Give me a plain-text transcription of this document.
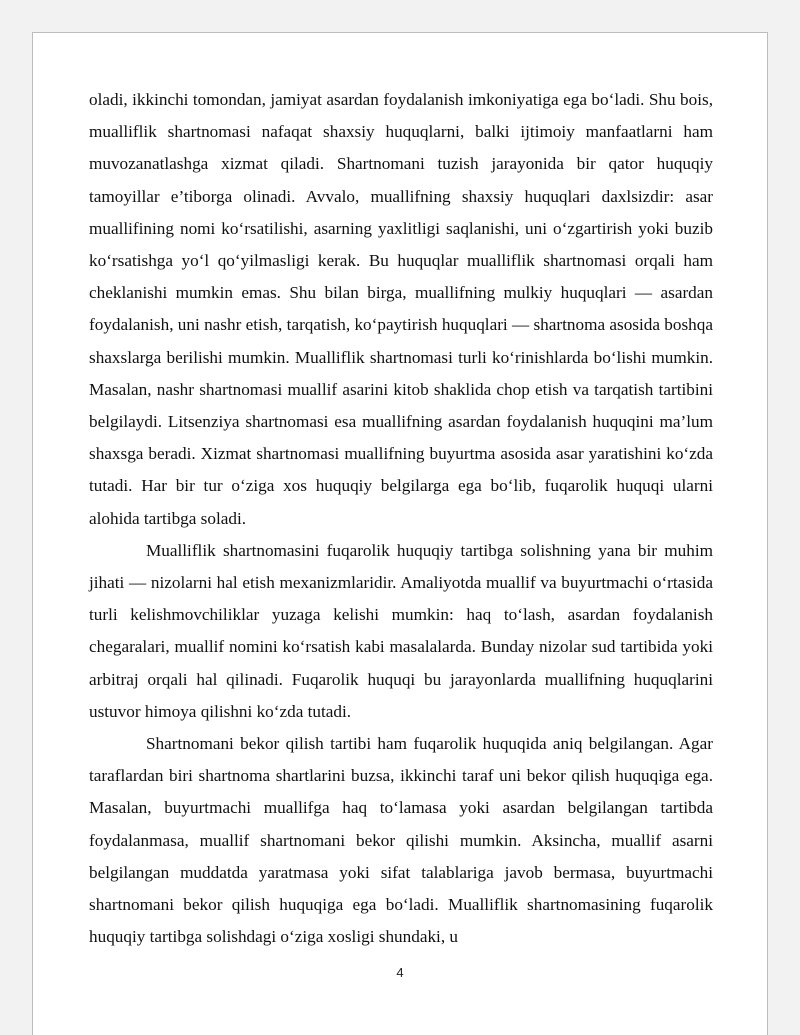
oladi, ikkinchi tomondan, jamiyat asardan foydalanish imkoniyatiga ega bo‘ladi. Shu bois, mualliflik shartnomasi nafaqat shaxsiy huquqlarni, balki ijtimoiy manfaatlarni ham muvozanatlashga xizmat qiladi. Shartnomani tuzish jarayonida bir qator huquqiy tamoyillar e’tiborga olinadi. Avvalo, muallifning shaxsiy huquqlari daxlsizdir: asar muallifining nomi ko‘rsatilishi, asarning yaxlitligi saqlanishi, uni o‘zgartirish yoki buzib ko‘rsatishga yo‘l qo‘yilmasligi kerak. Bu huquqlar mualliflik shartnomasi orqali ham cheklanishi mumkin emas. Shu bilan birga, muallifning mulkiy huquqlari — asardan foydalanish, uni nashr etish, tarqatish, ko‘paytirish huquqlari — shartnoma asosida boshqa shaxslarga berilishi mumkin. Mualliflik shartnomasi turli ko‘rinishlarda bo‘lishi mumkin. Masalan, nashr shartnomasi muallif asarini kitob shaklida chop etish va tarqatish tartibini belgilaydi. Litsenziya shartnomasi esa muallifning asardan foydalanish huquqini ma’lum shaxsga beradi. Xizmat shartnomasi muallifning buyurtma asosida asar yaratishini ko‘zda tutadi. Har bir tur o‘ziga xos huquqiy belgilarga ega bo‘lib, fuqarolik huquqi ularni alohida tartibga soladi.

Mualliflik shartnomasini fuqarolik huquqiy tartibga solishning yana bir muhim jihati — nizolarni hal etish mexanizmlaridir. Amaliyotda muallif va buyurtmachi o‘rtasida turli kelishmovchiliklar yuzaga kelishi mumkin: haq to‘lash, asardan foydalanish chegaralari, muallif nomini ko‘rsatish kabi masalalarda. Bunday nizolar sud tartibida yoki arbitraj orqali hal qilinadi. Fuqarolik huquqi bu jarayonlarda muallifning huquqlarini ustuvor himoya qilishni ko‘zda tutadi.

Shartnomani bekor qilish tartibi ham fuqarolik huquqida aniq belgilangan. Agar taraflardan biri shartnoma shartlarini buzsa, ikkinchi taraf uni bekor qilish huquqiga ega. Masalan, buyurtmachi muallifga haq to‘lamasa yoki asardan belgilangan tartibda foydalanmasa, muallif shartnomani bekor qilishi mumkin. Aksincha, muallif asarni belgilangan muddatda yaratmasa yoki sifat talablariga javob bermasa, buyurtmachi shartnomani bekor qilish huquqiga ega bo‘ladi. Mualliflik shartnomasining fuqarolik huquqiy tartibga solishdagi o‘ziga xosligi shundaki, u

4
